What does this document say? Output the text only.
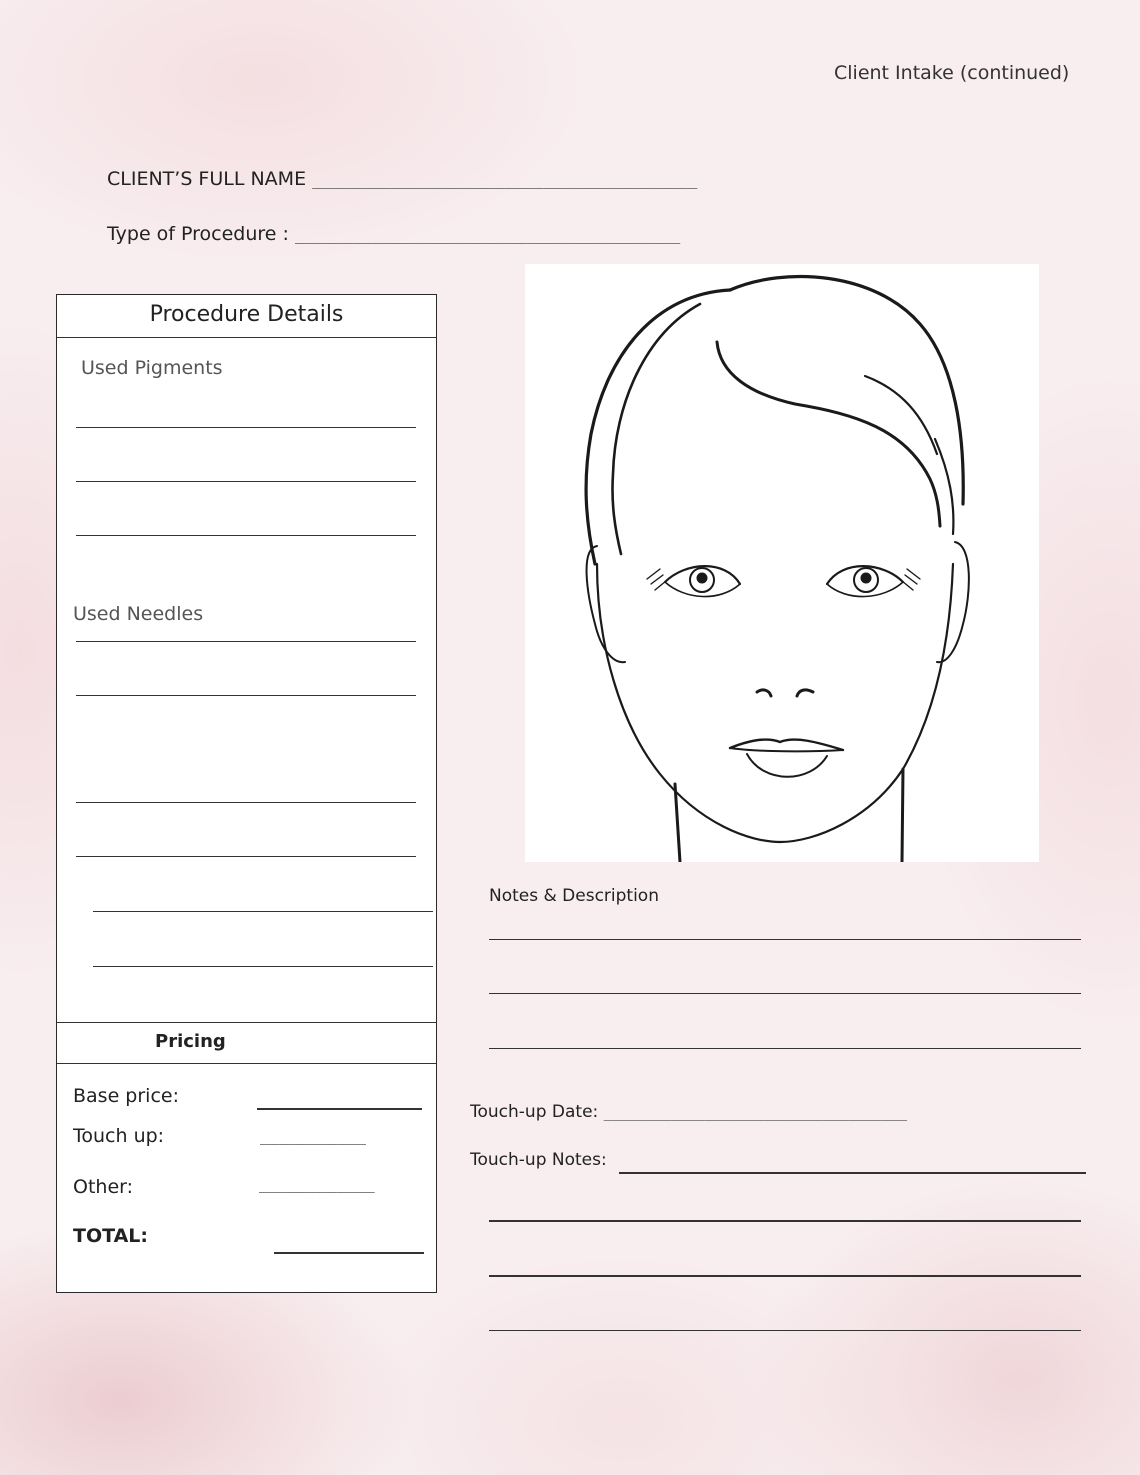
Client Intake (continued)
CLIENT’S FULL NAME ________________________________________
Type of Procedure : ________________________________________
Procedure Details
Used Pigments
Used Needles
Pricing
Base price:
Touch up:	___________
Other:	____________
TOTAL:
Notes & Description
Touch-up Date: ____________________________________
Touch-up Notes:
